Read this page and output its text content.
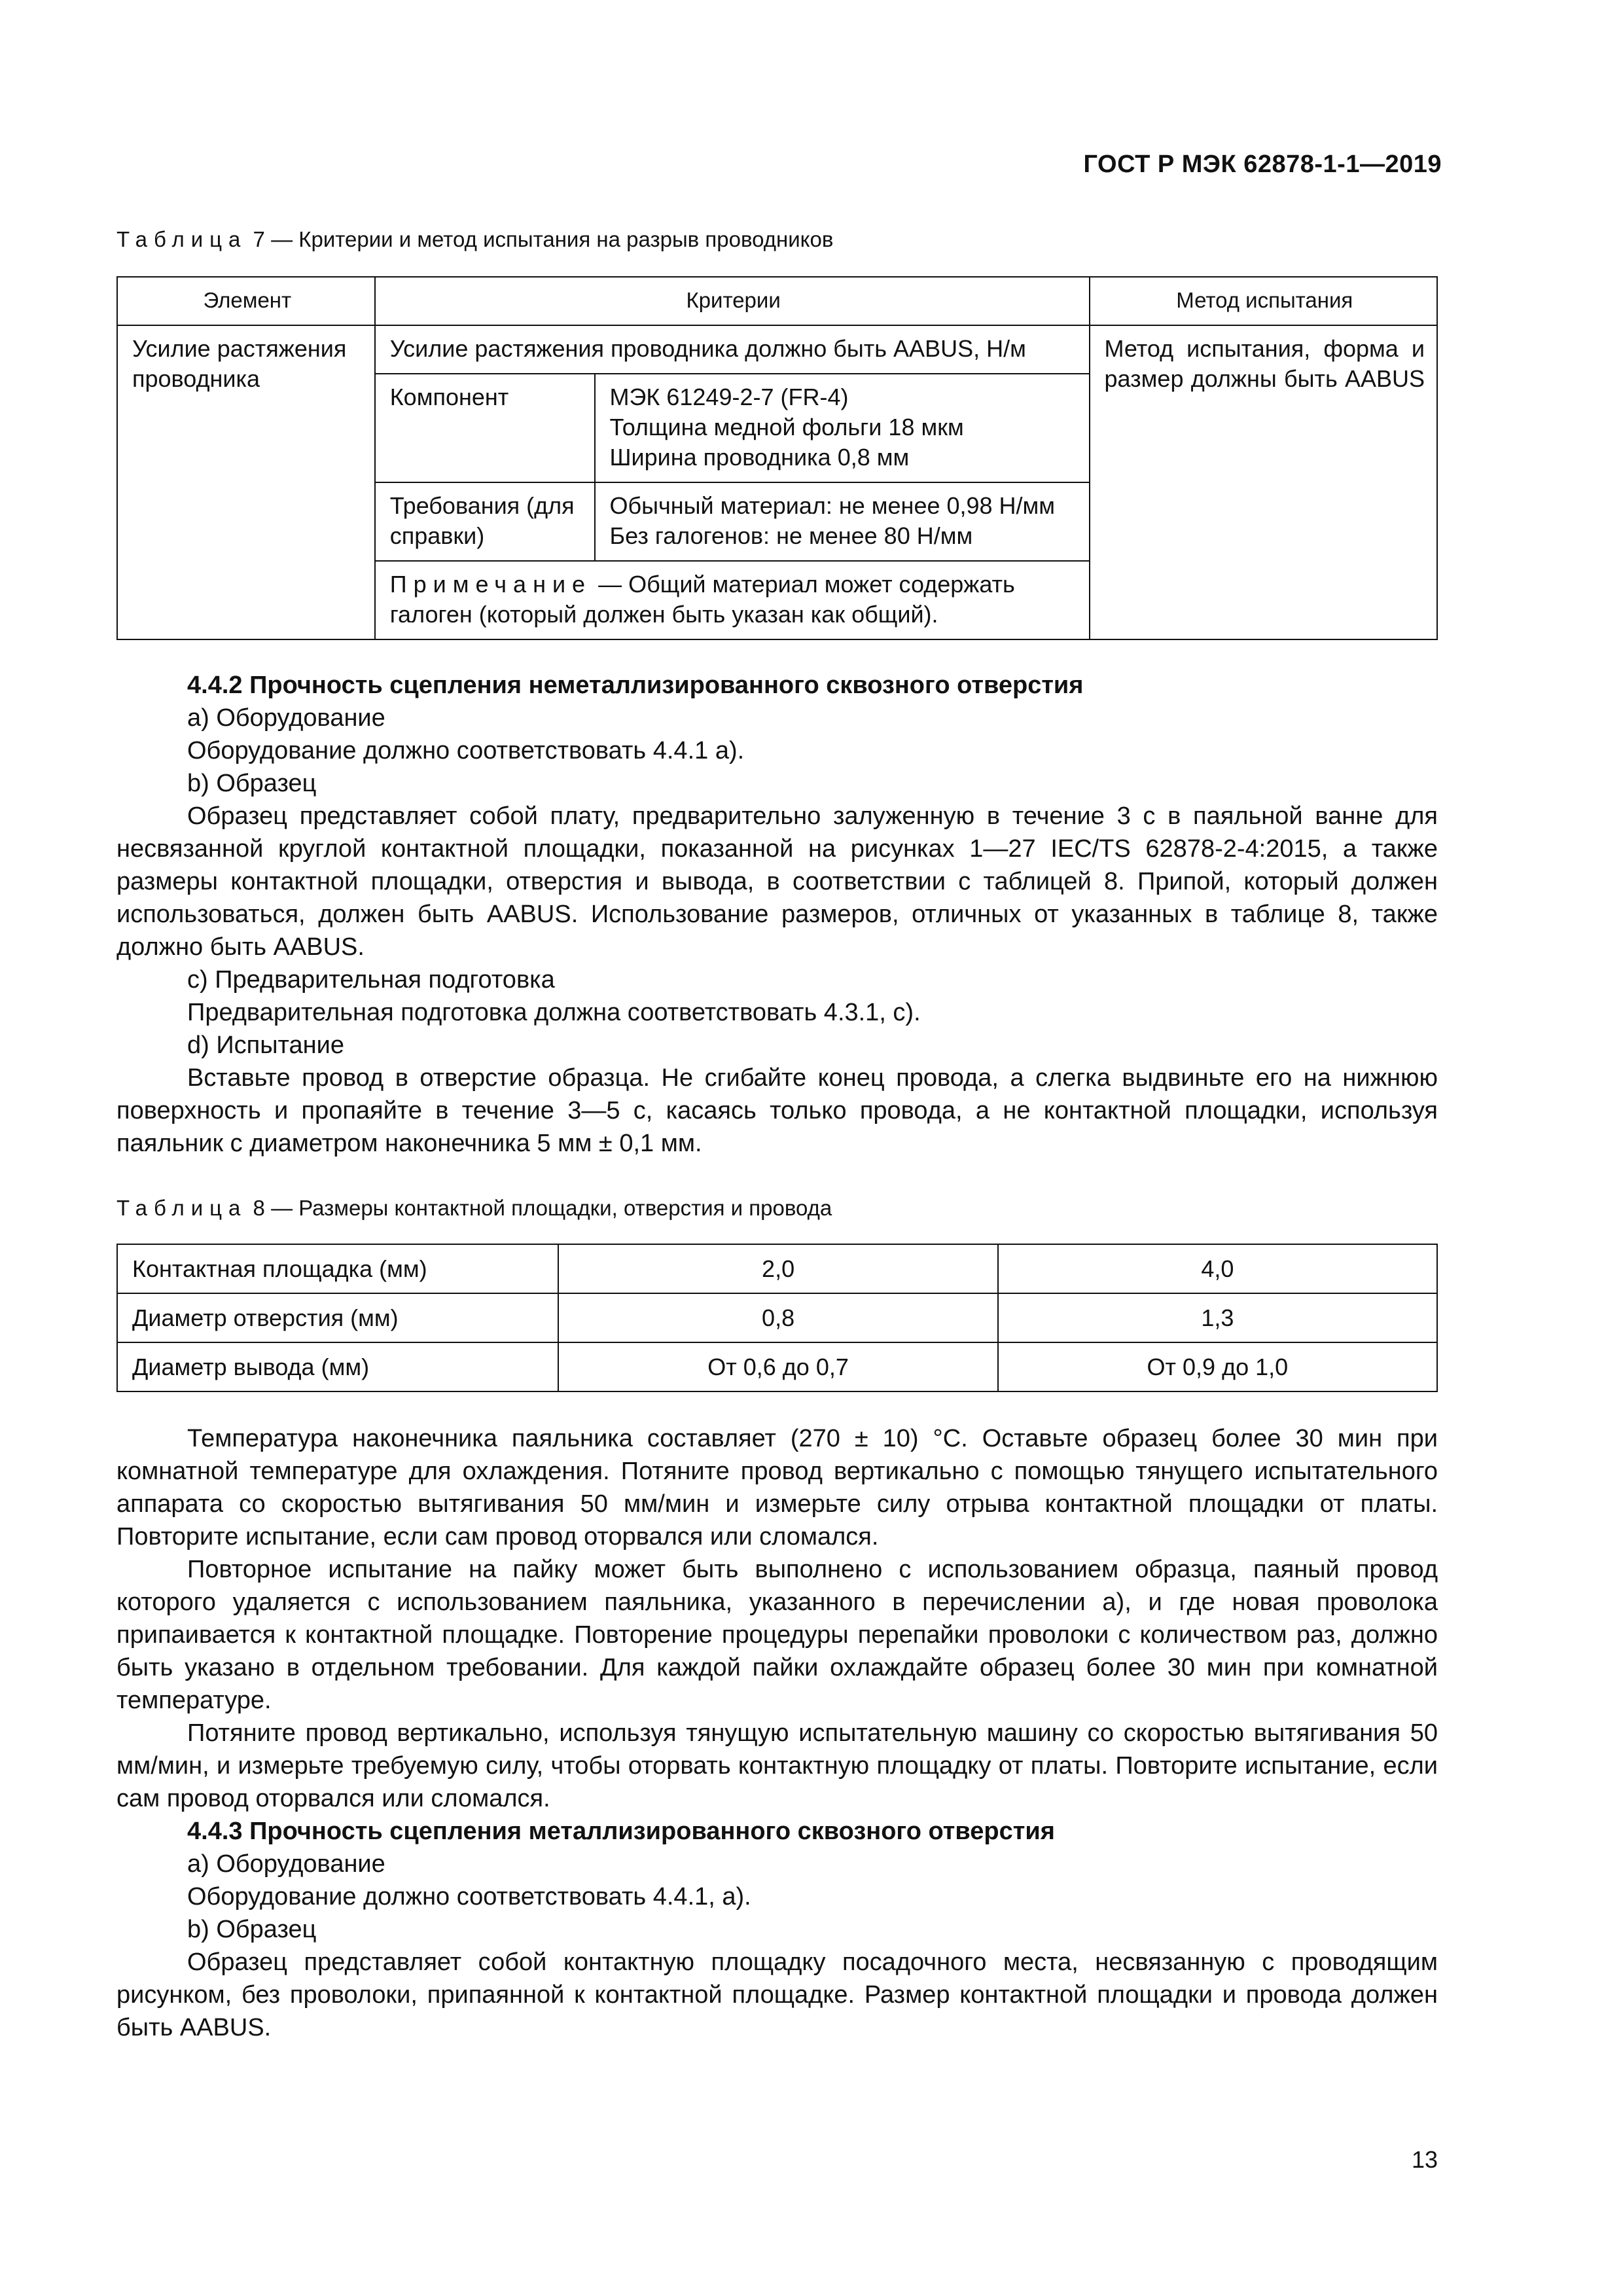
ГОСТ Р МЭК 62878-1-1—2019
Таблица 7 — Критерии и метод испытания на разрыв проводников
Элемент	Критерии		Метод испытания
Усилие растяжения проводника	Усилие растяжения проводника должно быть AABUS, Н/м		Метод испытания, форма и размер должны быть AABUS
	Компонент	МЭК 61249-2-7 (FR-4)
Толщина медной фольги 18 мкм
Ширина проводника 0,8 мм	

	Требования (для справки)	Обычный материал: не менее 0,98 Н/мм
Без галогенов: не менее 80 Н/мм	

	Примечание — Общий материал может содержать галоген (который должен быть указан как общий).		

4.4.2 Прочность сцепления неметаллизированного сквозного отверстия

а) Оборудование

Оборудование должно соответствовать 4.4.1 а).

b) Образец

Образец представляет собой плату, предварительно залуженную в течение 3 с в паяльной ванне для несвязанной круглой контактной площадки, показанной на рисунках 1—27 IEC/TS 62878-2-4:2015, а также размеры контактной площадки, отверстия и вывода, в соответствии с таблицей 8. Припой, который должен использоваться, должен быть AABUS. Использование размеров, отличных от указанных в таблице 8, также должно быть AABUS.

с) Предварительная подготовка

Предварительная подготовка должна соответствовать 4.3.1, с).

d) Испытание

Вставьте провод в отверстие образца. Не сгибайте конец провода, а слегка выдвиньте его на нижнюю поверхность и пропаяйте в течение 3—5 с, касаясь только провода, а не контактной площадки, используя паяльник с диаметром наконечника 5 мм ± 0,1 мм.

Таблица 8 — Размеры контактной площадки, отверстия и провода
Контактная площадка (мм)	2,0	4,0
Диаметр отверстия (мм)	0,8	1,3
Диаметр вывода (мм)	От 0,6 до 0,7	От 0,9 до 1,0

Температура наконечника паяльника составляет (270 ± 10) °С. Оставьте образец более 30 мин при комнатной температуре для охлаждения. Потяните провод вертикально с помощью тянущего испытательного аппарата со скоростью вытягивания 50 мм/мин и измерьте силу отрыва контактной площадки от платы. Повторите испытание, если сам провод оторвался или сломался.

Повторное испытание на пайку может быть выполнено с использованием образца, паяный провод которого удаляется с использованием паяльника, указанного в перечислении а), и где новая проволока припаивается к контактной площадке. Повторение процедуры перепайки проволоки с количеством раз, должно быть указано в отдельном требовании. Для каждой пайки охлаждайте образец более 30 мин при комнатной температуре.

Потяните провод вертикально, используя тянущую испытательную машину со скоростью вытягивания 50 мм/мин, и измерьте требуемую силу, чтобы оторвать контактную площадку от платы. Повторите испытание, если сам провод оторвался или сломался.

4.4.3 Прочность сцепления металлизированного сквозного отверстия

а) Оборудование

Оборудование должно соответствовать 4.4.1, а).

b) Образец

Образец представляет собой контактную площадку посадочного места, несвязанную с проводящим рисунком, без проволоки, припаянной к контактной площадке. Размер контактной площадки и провода должен быть AABUS.

13
